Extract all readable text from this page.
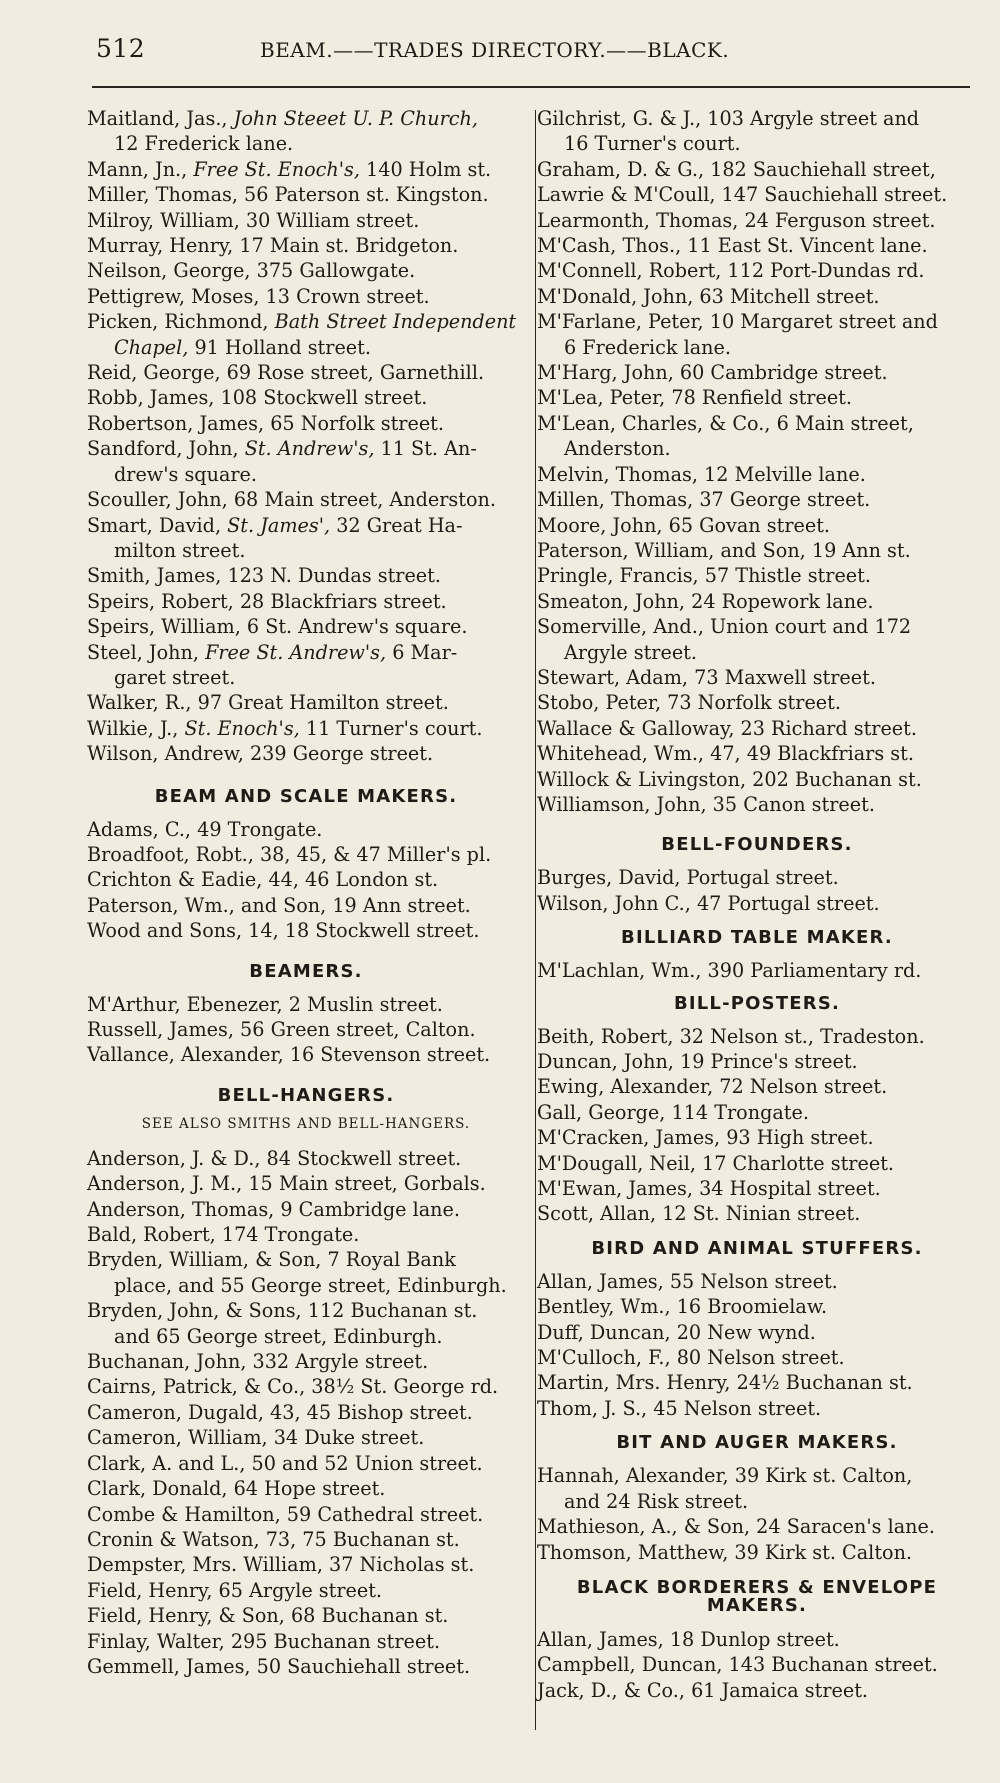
512	BEAM.——TRADES DIRECTORY.——BLACK.
Maitland, Jas., John Steeet U. P. Church,
12 Frederick lane.
Mann, Jn., Free St. Enoch's, 140 Holm st.
Miller, Thomas, 56 Paterson st. Kingston.
Milroy, William, 30 William street.
Murray, Henry, 17 Main st. Bridgeton.
Neilson, George, 375 Gallowgate.
Pettigrew, Moses, 13 Crown street.
Picken, Richmond, Bath Street Independent
Chapel, 91 Holland street.
Reid, George, 69 Rose street, Garnethill.
Robb, James, 108 Stockwell street.
Robertson, James, 65 Norfolk street.
Sandford, John, St. Andrew's, 11 St. An-
drew's square.
Scouller, John, 68 Main street, Anderston.
Smart, David, St. James', 32 Great Ha-
milton street.
Smith, James, 123 N. Dundas street.
Speirs, Robert, 28 Blackfriars street.
Speirs, William, 6 St. Andrew's square.
Steel, John, Free St. Andrew's, 6 Mar-
garet street.
Walker, R., 97 Great Hamilton street.
Wilkie, J., St. Enoch's, 11 Turner's court.
Wilson, Andrew, 239 George street.
BEAM AND SCALE MAKERS.
Adams, C., 49 Trongate.
Broadfoot, Robt., 38, 45, & 47 Miller's pl.
Crichton & Eadie, 44, 46 London st.
Paterson, Wm., and Son, 19 Ann street.
Wood and Sons, 14, 18 Stockwell street.
BEAMERS.
M'Arthur, Ebenezer, 2 Muslin street.
Russell, James, 56 Green street, Calton.
Vallance, Alexander, 16 Stevenson street.
BELL-HANGERS.
SEE ALSO SMITHS AND BELL-HANGERS.
Anderson, J. & D., 84 Stockwell street.
Anderson, J. M., 15 Main street, Gorbals.
Anderson, Thomas, 9 Cambridge lane.
Bald, Robert, 174 Trongate.
Bryden, William, & Son, 7 Royal Bank
place, and 55 George street, Edinburgh.
Bryden, John, & Sons, 112 Buchanan st.
and 65 George street, Edinburgh.
Buchanan, John, 332 Argyle street.
Cairns, Patrick, & Co., 38½ St. George rd.
Cameron, Dugald, 43, 45 Bishop street.
Cameron, William, 34 Duke street.
Clark, A. and L., 50 and 52 Union street.
Clark, Donald, 64 Hope street.
Combe & Hamilton, 59 Cathedral street.
Cronin & Watson, 73, 75 Buchanan st.
Dempster, Mrs. William, 37 Nicholas st.
Field, Henry, 65 Argyle street.
Field, Henry, & Son, 68 Buchanan st.
Finlay, Walter, 295 Buchanan street.
Gemmell, James, 50 Sauchiehall street.
Gilchrist, G. & J., 103 Argyle street and
16 Turner's court.
Graham, D. & G., 182 Sauchiehall street,
Lawrie & M'Coull, 147 Sauchiehall street.
Learmonth, Thomas, 24 Ferguson street.
M'Cash, Thos., 11 East St. Vincent lane.
M'Connell, Robert, 112 Port-Dundas rd.
M'Donald, John, 63 Mitchell street.
M'Farlane, Peter, 10 Margaret street and
6 Frederick lane.
M'Harg, John, 60 Cambridge street.
M'Lea, Peter, 78 Renfield street.
M'Lean, Charles, & Co., 6 Main street,
Anderston.
Melvin, Thomas, 12 Melville lane.
Millen, Thomas, 37 George street.
Moore, John, 65 Govan street.
Paterson, William, and Son, 19 Ann st.
Pringle, Francis, 57 Thistle street.
Smeaton, John, 24 Ropework lane.
Somerville, And., Union court and 172
Argyle street.
Stewart, Adam, 73 Maxwell street.
Stobo, Peter, 73 Norfolk street.
Wallace & Galloway, 23 Richard street.
Whitehead, Wm., 47, 49 Blackfriars st.
Willock & Livingston, 202 Buchanan st.
Williamson, John, 35 Canon street.
BELL-FOUNDERS.
Burges, David, Portugal street.
Wilson, John C., 47 Portugal street.
BILLIARD TABLE MAKER.
M'Lachlan, Wm., 390 Parliamentary rd.
BILL-POSTERS.
Beith, Robert, 32 Nelson st., Tradeston.
Duncan, John, 19 Prince's street.
Ewing, Alexander, 72 Nelson street.
Gall, George, 114 Trongate.
M'Cracken, James, 93 High street.
M'Dougall, Neil, 17 Charlotte street.
M'Ewan, James, 34 Hospital street.
Scott, Allan, 12 St. Ninian street.
BIRD AND ANIMAL STUFFERS.
Allan, James, 55 Nelson street.
Bentley, Wm., 16 Broomielaw.
Duff, Duncan, 20 New wynd.
M'Culloch, F., 80 Nelson street.
Martin, Mrs. Henry, 24½ Buchanan st.
Thom, J. S., 45 Nelson street.
BIT AND AUGER MAKERS.
Hannah, Alexander, 39 Kirk st. Calton,
and 24 Risk street.
Mathieson, A., & Son, 24 Saracen's lane.
Thomson, Matthew, 39 Kirk st. Calton.
BLACK BORDERERS & ENVELOPE
MAKERS.
Allan, James, 18 Dunlop street.
Campbell, Duncan, 143 Buchanan street.
Jack, D., & Co., 61 Jamaica street.
